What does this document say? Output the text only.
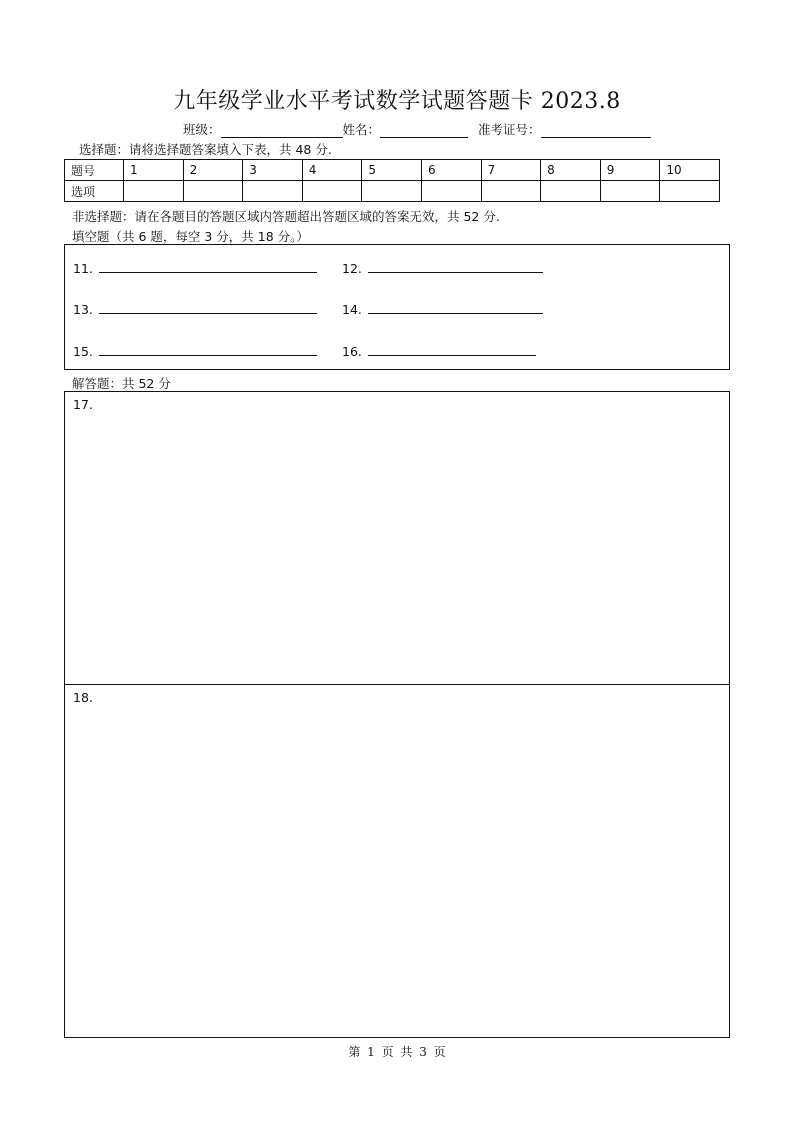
九年级学业水平考试数学试题答题卡 2023.8
班级：	姓名：	准考证号：
选择题：请将选择题答案填入下表，共 48 分.
题号	1	2	3	4	5	6	7	8	9	10
选项										
非选择题：请在各题目的答题区域内答题超出答题区域的答案无效，共 52 分.
填空题（共 6 题，每空 3 分，共 18 分。）
11.	12.
13.	14.
15.	16.
解答题：共 52 分
17.
18.
第 1 页 共 3 页
